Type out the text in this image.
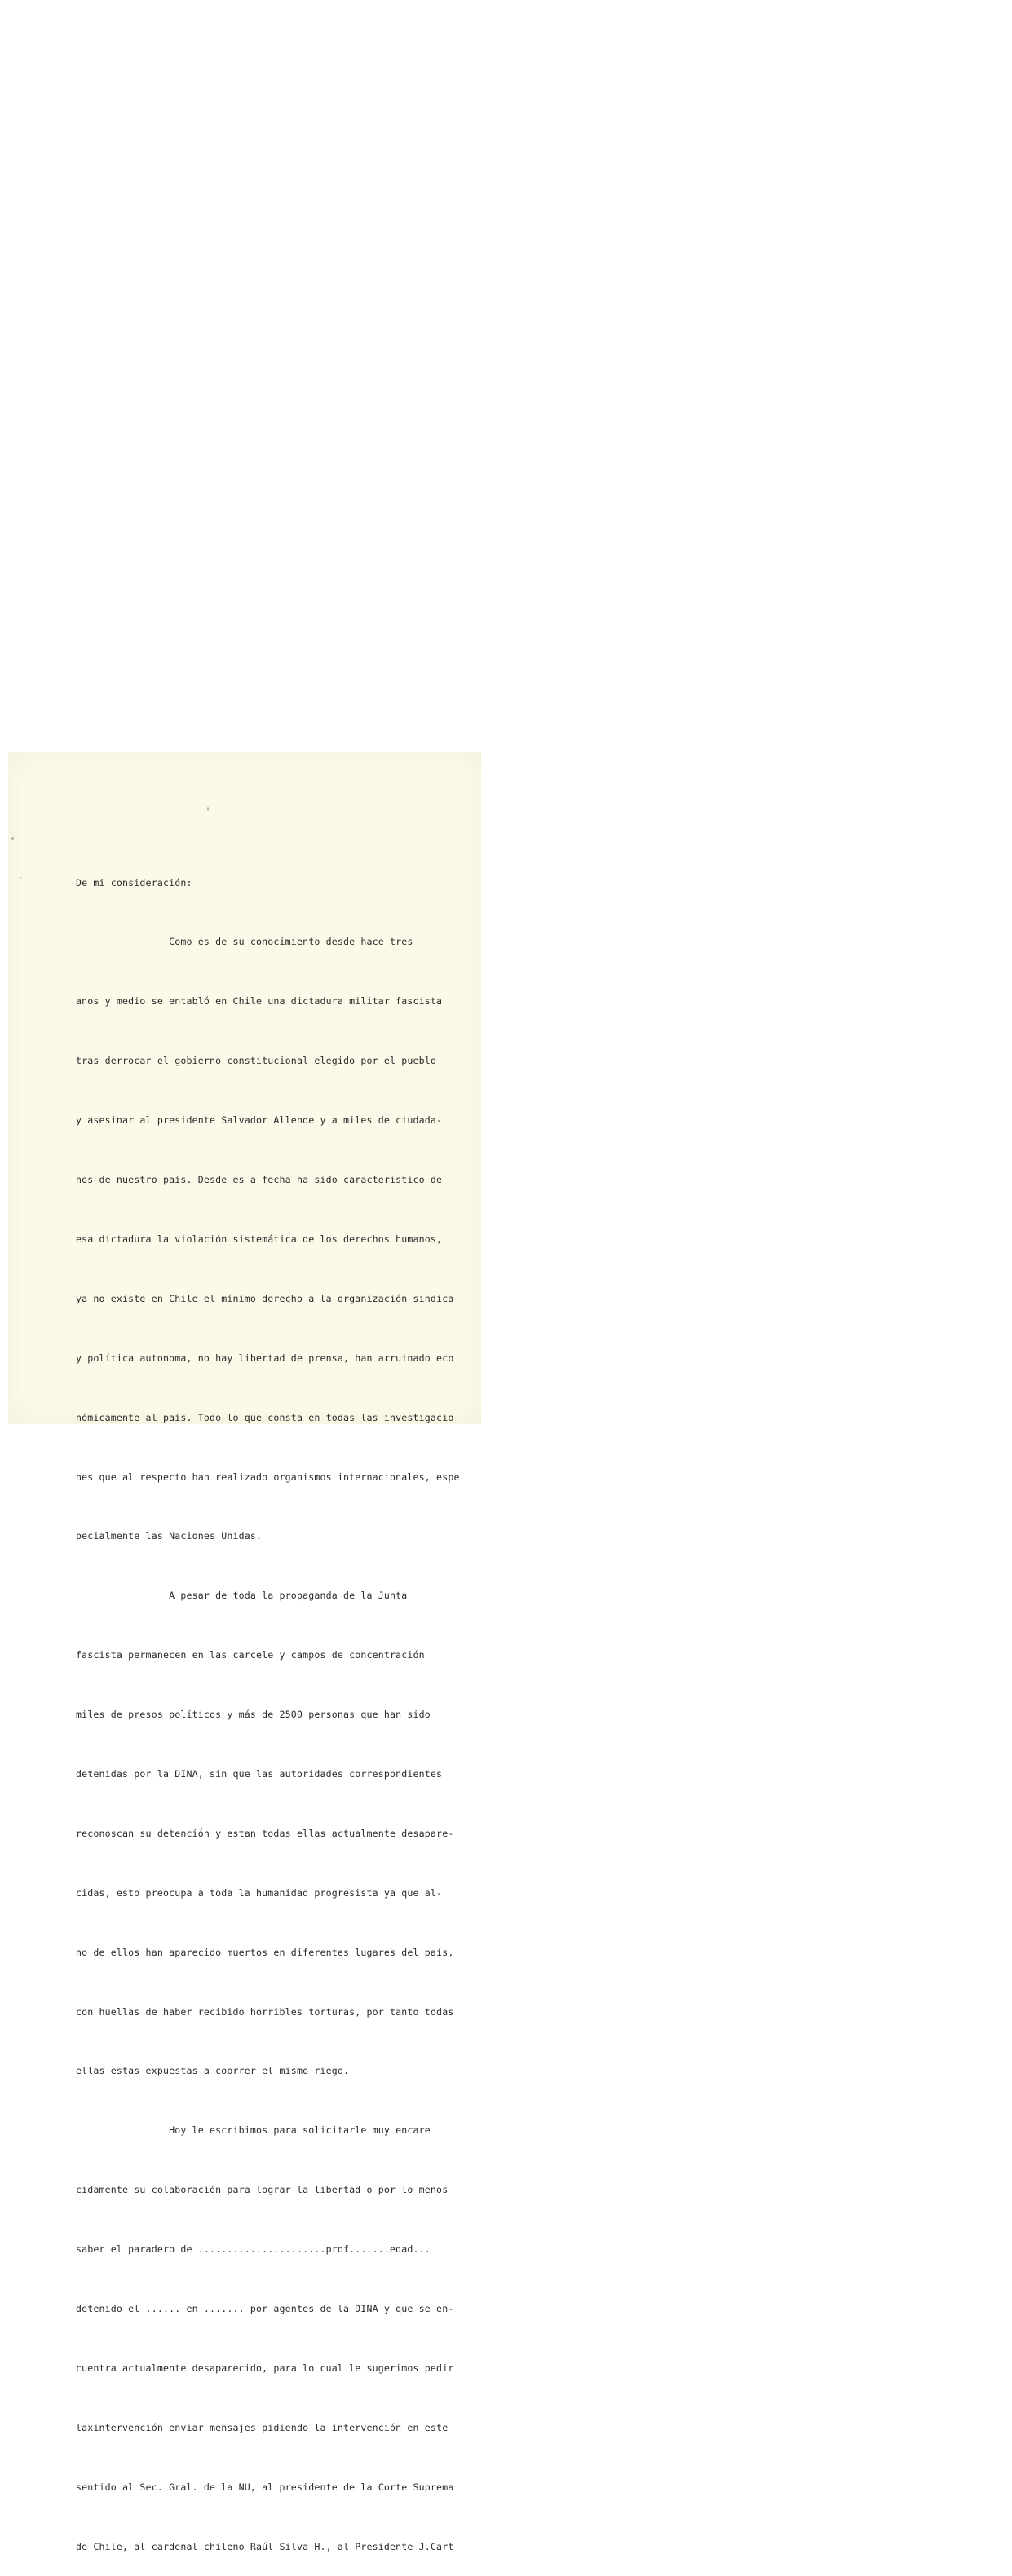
De mi consideración:

Como es de su conocimiento desde hace tres

anos y medio se entabló en Chile una dictadura militar fascista

tras derrocar el gobierno constitucional elegido por el pueblo

y asesinar al presidente Salvador Allende y a miles de ciudada-

nos de nuestro país. Desde es a fecha ha sido caracteristico de

esa dictadura la violación sistemática de los derechos humanos,

ya no existe en Chile el mínimo derecho a la organización sindica

y política autonoma, no hay libertad de prensa, han arruinado eco

nómicamente al país. Todo lo que consta en todas las investigacio

nes que al respecto han realizado organismos internacionales, espe

pecialmente las Naciones Unidas.

A pesar de toda la propaganda de la Junta

fascista permanecen en las carcele y campos de concentración

miles de presos políticos y más de 2500 personas que han sido

detenidas por la DINA, sin que las autoridades correspondientes

reconoscan su detención y estan todas ellas actualmente desapare-

cidas, esto preocupa a toda la humanidad progresista ya que al-

no de ellos han aparecido muertos en diferentes lugares del país,

con huellas de haber recibido horribles torturas, por tanto todas

ellas estas expuestas a coorrer el mismo riego.

Hoy le escribimos para solicitarle muy encare

cidamente su colaboración para lograr la libertad o por lo menos

saber el paradero de ......................prof.......edad...

detenido el ...... en ....... por agentes de la DINA y que se en-

cuentra actualmente desaparecido, para lo cual le sugerimos pedir

laxintervención enviar mensajes pidiendo la intervención en este

sentido al Sec. Gral. de la NU, al presidente de la Corte Suprema

de Chile, al cardenal chileno Raúl Silva H., al Presidente J.Cart
